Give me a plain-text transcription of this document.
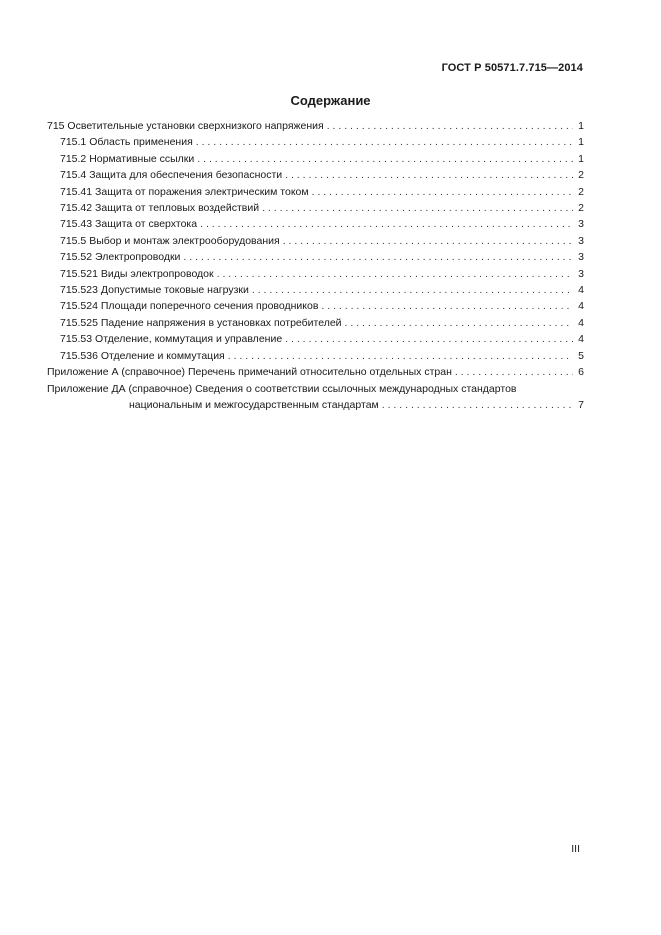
ГОСТ Р 50571.7.715—2014
Содержание
715 Осветительные установки сверхнизкого напряжения . . .	1
715.1 Область применения . . .	1
715.2 Нормативные ссылки . . .	1
715.4 Защита для обеспечения безопасности . . .	2
715.41 Защита от поражения электрическим током . . .	2
715.42 Защита от тепловых воздействий . . .	2
715.43 Защита от сверхтока . . .	3
715.5 Выбор и монтаж электрооборудования . . .	3
715.52 Электропроводки . . .	3
715.521 Виды электропроводок . . .	3
715.523 Допустимые токовые нагрузки . . .	4
715.524 Площади поперечного сечения проводников . . .	4
715.525 Падение напряжения в установках потребителей . . .	4
715.53 Отделение, коммутация и управление . . .	4
715.536 Отделение и коммутация . . .	5
Приложение А (справочное) Перечень примечаний относительно отдельных стран . . .	6
Приложение ДА (справочное) Сведения о соответствии ссылочных международных стандартов
национальным и межгосударственным стандартам . . .	7
III
